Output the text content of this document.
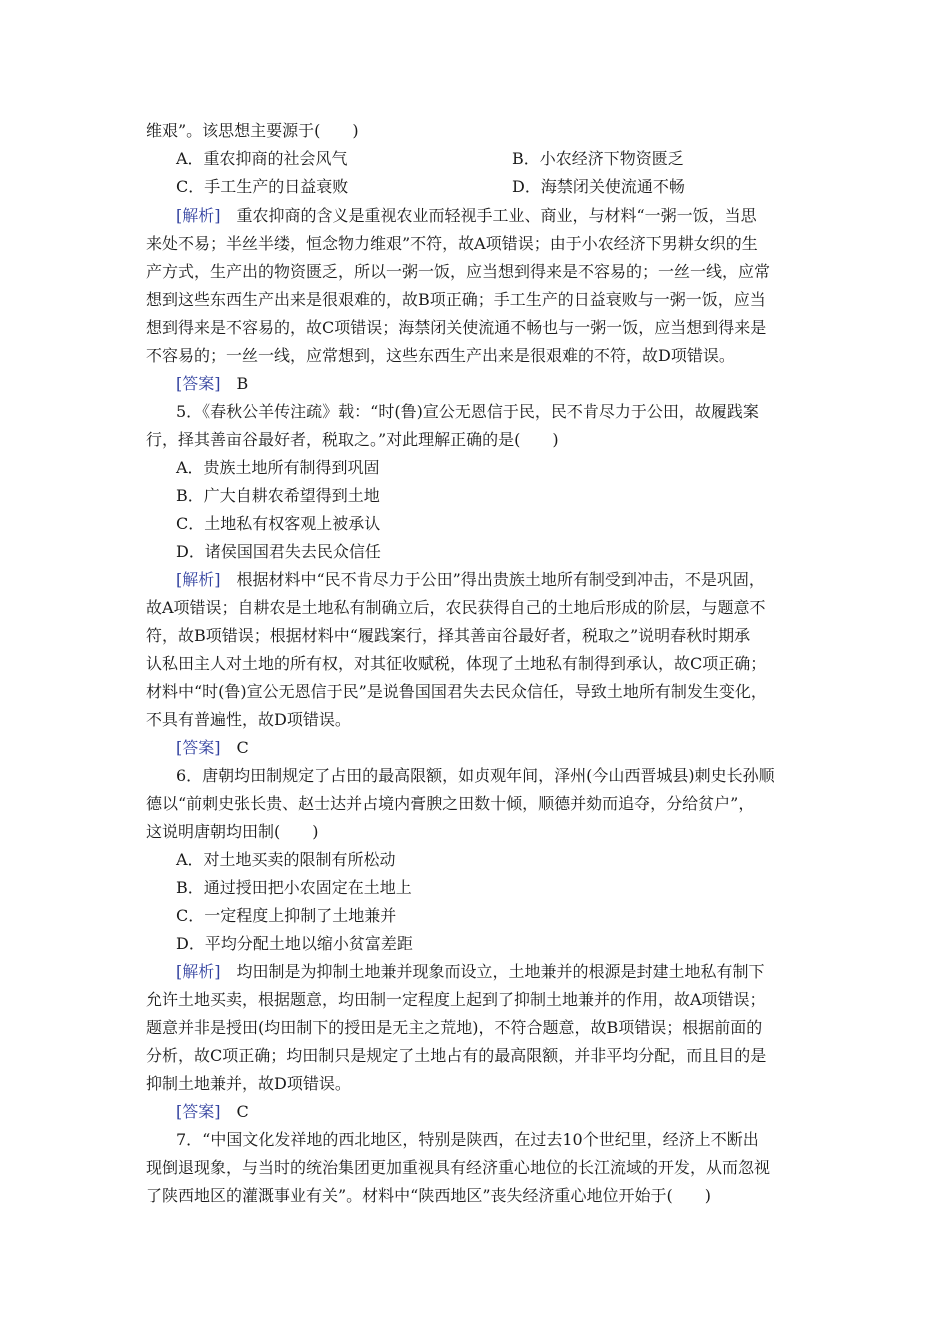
维艰”。该思想主要源于(　　)
A．重农抑商的社会风气	B．小农经济下物资匮乏
C．手工生产的日益衰败	D．海禁闭关使流通不畅
[解析]　重农抑商的含义是重视农业而轻视手工业、商业，与材料“一粥一饭，当思
来处不易；半丝半缕，恒念物力维艰”不符，故A项错误；由于小农经济下男耕女织的生
产方式，生产出的物资匮乏，所以一粥一饭，应当想到得来是不容易的；一丝一线，应常
想到这些东西生产出来是很艰难的，故B项正确；手工生产的日益衰败与一粥一饭，应当
想到得来是不容易的，故C项错误；海禁闭关使流通不畅也与一粥一饭，应当想到得来是
不容易的；一丝一线，应常想到，这些东西生产出来是很艰难的不符，故D项错误。
[答案]　B
5．《春秋公羊传注疏》载：“时(鲁)宣公无恩信于民，民不肯尽力于公田，故履践案
行，择其善亩谷最好者，税取之。”对此理解正确的是(　　)
A．贵族土地所有制得到巩固
B．广大自耕农希望得到土地
C．土地私有权客观上被承认
D．诸侯国国君失去民众信任
[解析]　根据材料中“民不肯尽力于公田”得出贵族土地所有制受到冲击，不是巩固，
故A项错误；自耕农是土地私有制确立后，农民获得自己的土地后形成的阶层，与题意不
符，故B项错误；根据材料中“履践案行，择其善亩谷最好者，税取之”说明春秋时期承
认私田主人对土地的所有权，对其征收赋税，体现了土地私有制得到承认，故C项正确；
材料中“时(鲁)宣公无恩信于民”是说鲁国国君失去民众信任，导致土地所有制发生变化，
不具有普遍性，故D项错误。
[答案]　C
6．唐朝均田制规定了占田的最高限额，如贞观年间，泽州(今山西晋城县)刺史长孙顺
德以“前刺史张长贵、赵士达并占境内膏腴之田数十倾，顺德并劾而追夺，分给贫户”，
这说明唐朝均田制(　　)
A．对土地买卖的限制有所松动
B．通过授田把小农固定在土地上
C．一定程度上抑制了土地兼并
D．平均分配土地以缩小贫富差距
[解析]　均田制是为抑制土地兼并现象而设立，土地兼并的根源是封建土地私有制下
允许土地买卖，根据题意，均田制一定程度上起到了抑制土地兼并的作用，故A项错误；
题意并非是授田(均田制下的授田是无主之荒地)，不符合题意，故B项错误；根据前面的
分析，故C项正确；均田制只是规定了土地占有的最高限额，并非平均分配，而且目的是
抑制土地兼并，故D项错误。
[答案]　C
7．“中国文化发祥地的西北地区，特别是陕西，在过去10个世纪里，经济上不断出
现倒退现象，与当时的统治集团更加重视具有经济重心地位的长江流域的开发，从而忽视
了陕西地区的灌溉事业有关”。材料中“陕西地区”丧失经济重心地位开始于(　　)
